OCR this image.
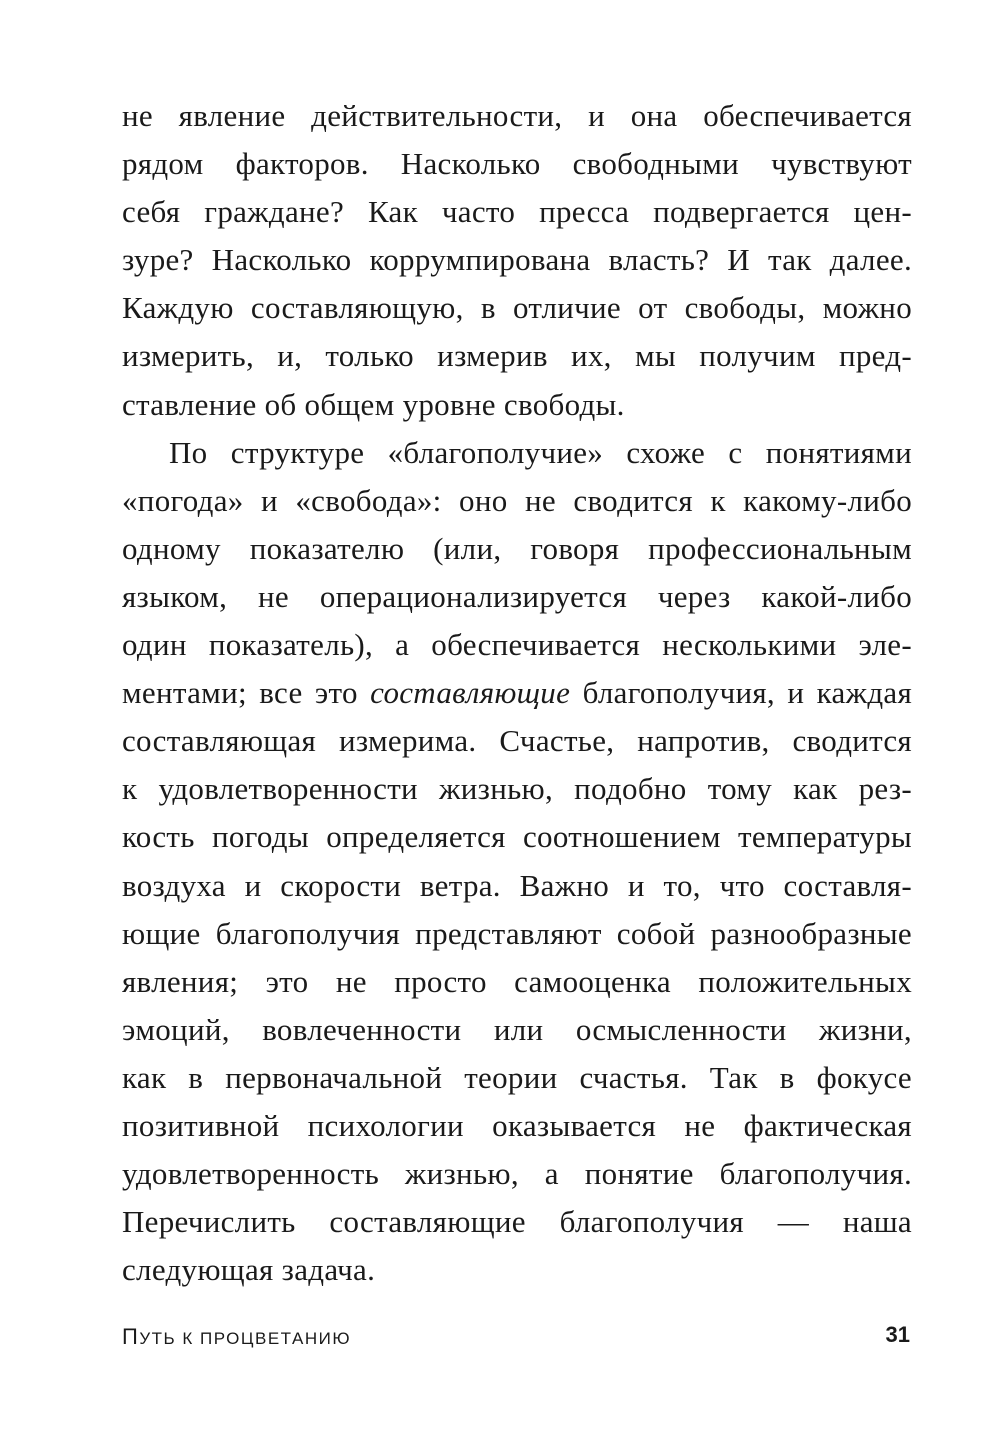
не явление действительности, и она обеспечивается
рядом факторов. Насколько свободными чувствуют
себя граждане? Как часто пресса подвергается цен-
зуре? Насколько коррумпирована власть? И так далее.
Каждую составляющую, в отличие от свободы, можно
измерить, и, только измерив их, мы получим пред-
ставление об общем уровне свободы.
По структуре «благополучие» схоже с понятиями
«погода» и «свобода»: оно не сводится к какому-либо
одному показателю (или, говоря профессиональным
языком, не операционализируется через какой-либо
один показатель), а обеспечивается несколькими эле-
ментами; все это составляющие благополучия, и каждая
составляющая измерима. Счастье, напротив, сводится
к удовлетворенности жизнью, подобно тому как рез-
кость погоды определяется соотношением температуры
воздуха и скорости ветра. Важно и то, что составля-
ющие благополучия представляют собой разнообразные
явления; это не просто самооценка положительных
эмоций, вовлеченности или осмысленности жизни,
как в первоначальной теории счастья. Так в фокусе
позитивной психологии оказывается не фактическая
удовлетворенность жизнью, а понятие благополучия.
Перечислить составляющие благополучия — наша
следующая задача.
ПУТЬ К ПРОЦВЕТАНИЮ	31
